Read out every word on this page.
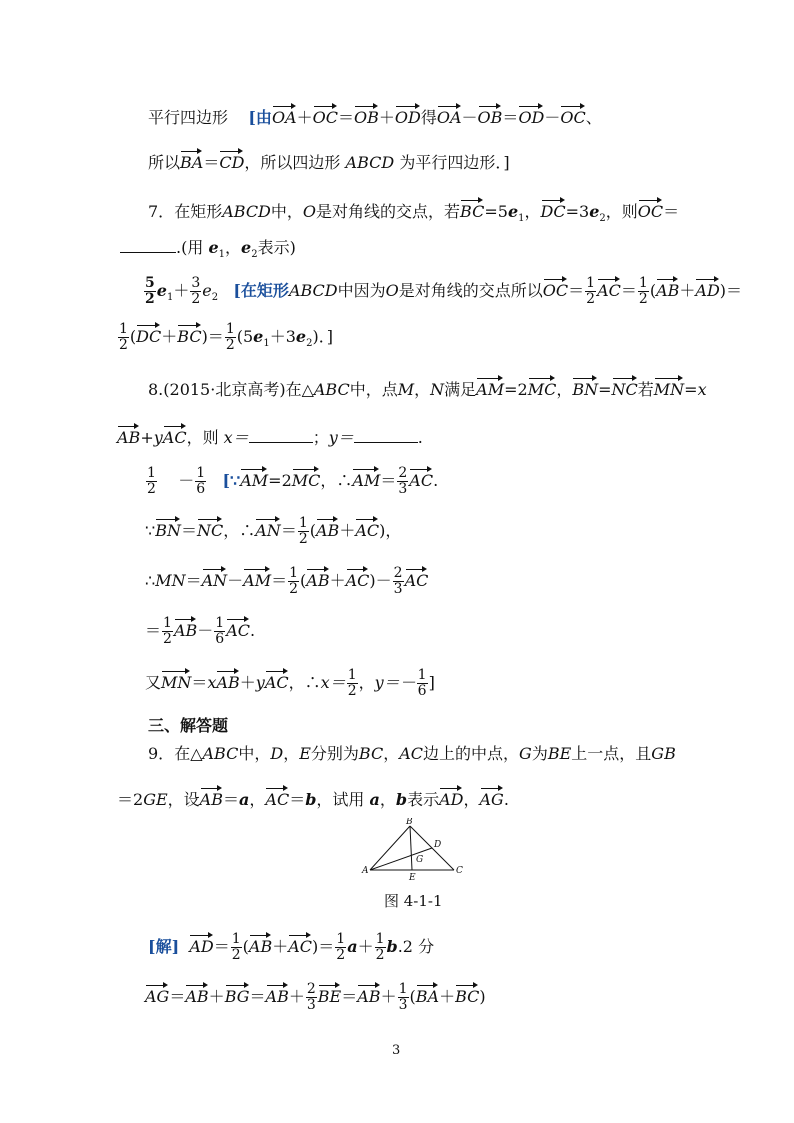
平行四边形 [由OA＋OC＝OB＋OD得OA－OB＝OD－OC、
所以BA＝CD，所以四边形 ABCD 为平行四边形．]
7．在矩形ABCD中，O是对角线的交点，若$BC=5e_1$，$DC=3e_2$，则OC＝
.(用 $e_1$，$e_2$表示)
$\frac{5}{2} e_1+ \frac{3}{2} e_2$ [在矩形ABCD中因为O是对角线的交点所以$OC= \frac{1}{2} AC= \frac{1}{2} (AB+AD)=$
$\frac{1}{2} (DC+BC)= \frac{1}{2} (5e_1+3e_2)$．]
8.(2015·北京高考)在△ABC中，点M，N满足AM=2MC，BN=NC若MN=x
AB+yAC，则 x＝	；y＝	.
$\frac{1}{2} - \frac{1}{6}$ [∵AM=2MC，∴AM＝ $\frac{2}{3}$ AC.
∵BN＝NC，∴AN＝ $\frac{1}{2} (AB+AC)$，
∴MN＝AN－AM＝ $\frac{1}{2} (AB+AC)- \frac{2}{3}$ AC
＝ $\frac{1}{2} AB- \frac{1}{6}$ AC.
又MN＝xAB＋yAC，∴x＝ $\frac{1}{2}$ ，$y=- \frac{1}{6}$ ]
三、解答题
9．在△ABC中，D，E分别为BC，AC边上的中点，G为BE上一点，且GB
＝2GE，设AB＝a，AC＝b，试用 a，b表示AD，AG.
A
B
C
D
E
G
图 4-1-1
[解] $AD= \frac{1}{2} (AB+AC)= \frac{1}{2} a+ \frac{1}{2} b.2$ 分
$AG=AB+BG=AB+ \frac{2}{3} BE=AB+ \frac{1}{3} (BA+BC)$
3
